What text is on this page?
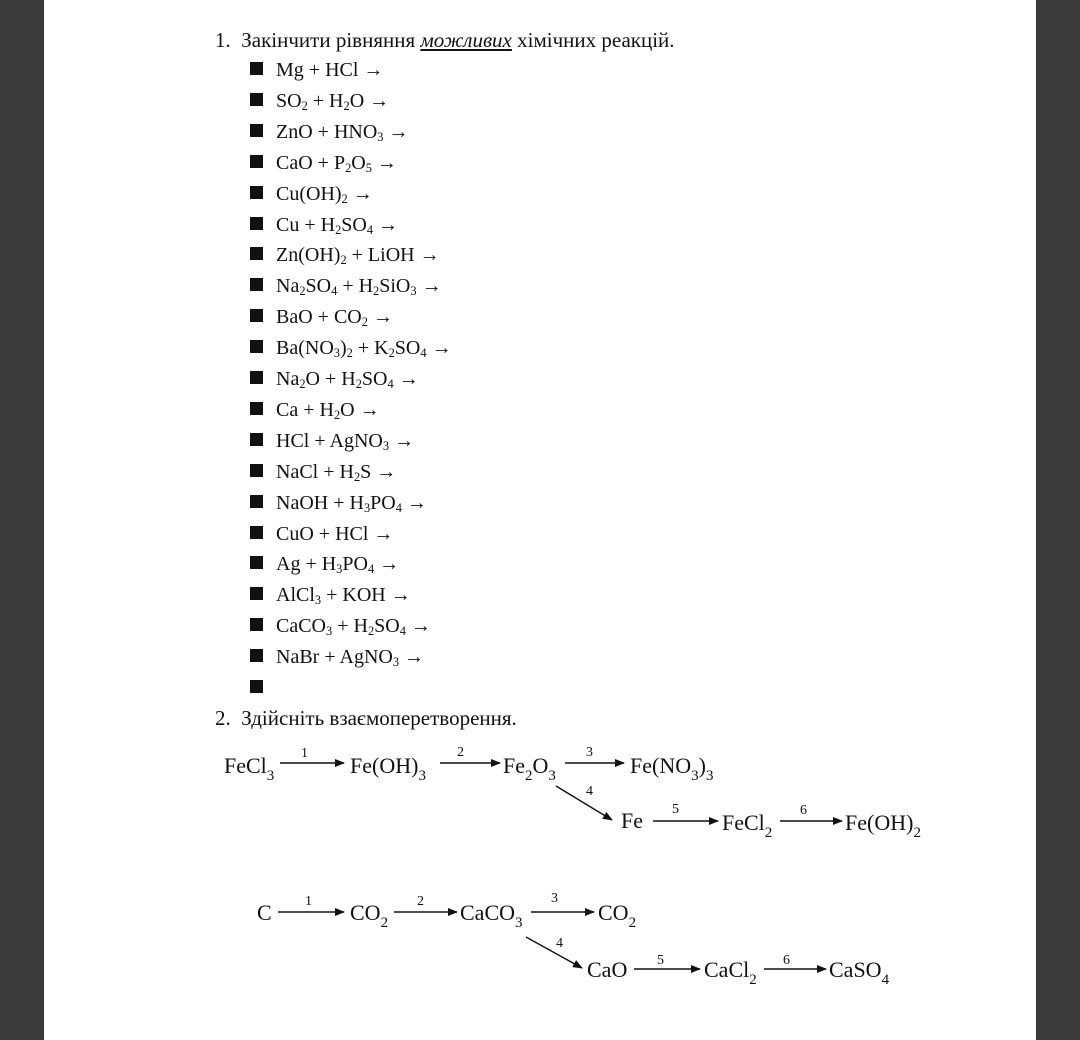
1. Закінчити рівняння можливих хімічних реакцій.
Mg + HCl →
$SO_2 + H_2O$ →
ZnO + $HNO_3$ →
CaO + $P_2O_5$ →
$Cu(OH)_2$ →
$Cu + H_2SO_4$ →
$Zn(OH)_2$ + LiOH →
$Na_2SO_4 + H_2SiO_3$ →
BaO + $CO_2$ →
$Ba(NO_3)_2 + K_2SO_4$ →
$Na_2O + H_2SO_4$ →
$Ca + H_2O$ →
HCl + AgNO$_3$ →
NaCl + $H_2S$ →
NaOH + $H_3PO_4$ →
CuO + HCl →
$Ag + H_3PO_4$ →
AlCl$_3$ + KOH →
CaCO$_3$ + $H_2SO_4$ →
NaBr + AgNO$_3$ →
2. Здійсніть взаємоперетворення.
FeCl$_3$	$Fe(OH)_3$	$Fe_2O_3$	$Fe(NO_3)_3$
Fe	FeCl$_2$	$Fe(OH)_2$
1	2	3
4
5	6
C	$CO_2$	CaCO$_3$	$CO_2$
CaO	CaCl$_2$	CaSO$_4$
1	2	3
4
5	6
